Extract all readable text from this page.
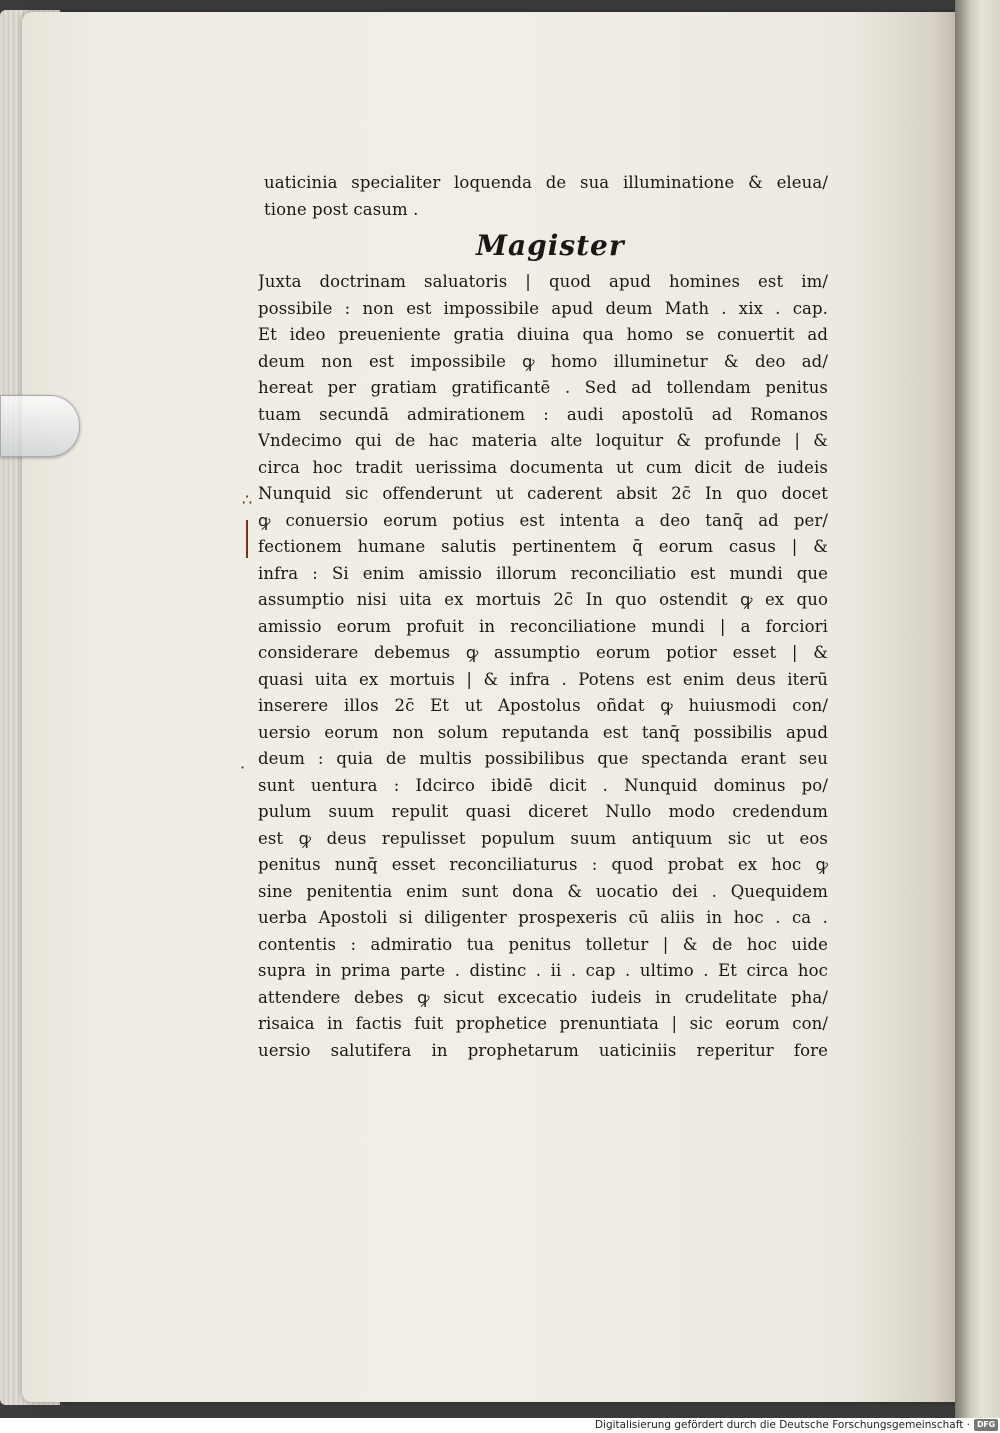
∴
·
uaticinia specialiter loquenda de sua illuminatione & eleua/
tione post casum .
Magister
Juxta doctrinam saluatoris | quod apud homines est im/
possibile : non est impossibile apud deum Math . xix . cap.
Et ideo preueniente gratia diuina qua homo se conuertit ad
deum non est impossibile ꝙ homo illuminetur & deo ad/
hereat per gratiam gratificantē . Sed ad tollendam penitus
tuam secundā admirationem : audi apostolū ad Romanos
Vndecimo qui de hac materia alte loquitur & profunde | &
circa hoc tradit uerissima documenta ut cum dicit de iudeis
Nunquid sic offenderunt ut caderent absit 2c̄ In quo docet
ꝙ conuersio eorum potius est intenta a deo tanq̄ ad per/
fectionem humane salutis pertinentem q̄ eorum casus | &
infra : Si enim amissio illorum reconciliatio est mundi que
assumptio nisi uita ex mortuis 2c̄ In quo ostendit ꝙ ex quo
amissio eorum profuit in reconciliatione mundi | a forciori
considerare debemus ꝙ assumptio eorum potior esset | &
quasi uita ex mortuis | & infra . Potens est enim deus iterū
inserere illos 2c̄ Et ut Apostolus oñdat ꝙ huiusmodi con/
uersio eorum non solum reputanda est tanq̄ possibilis apud
deum : quia de multis possibilibus que spectanda erant seu
sunt uentura : Idcirco ibidē dicit . Nunquid dominus po/
pulum suum repulit quasi diceret Nullo modo credendum
est ꝙ deus repulisset populum suum antiquum sic ut eos
penitus nunq̄ esset reconciliaturus : quod probat ex hoc ꝙ
sine penitentia enim sunt dona & uocatio dei . Quequidem
uerba Apostoli si diligenter prospexeris cū aliis in hoc . ca .
contentis : admiratio tua penitus tolletur | & de hoc uide
supra in prima parte . distinc . ii . cap . ultimo . Et circa hoc
attendere debes ꝙ sicut excecatio iudeis in crudelitate pha/
risaica in factis fuit prophetice prenuntiata | sic eorum con/
uersio salutifera in prophetarum uaticiniis reperitur fore
Digitalisierung gefördert durch die Deutsche Forschungsgemeinschaft · DFG
